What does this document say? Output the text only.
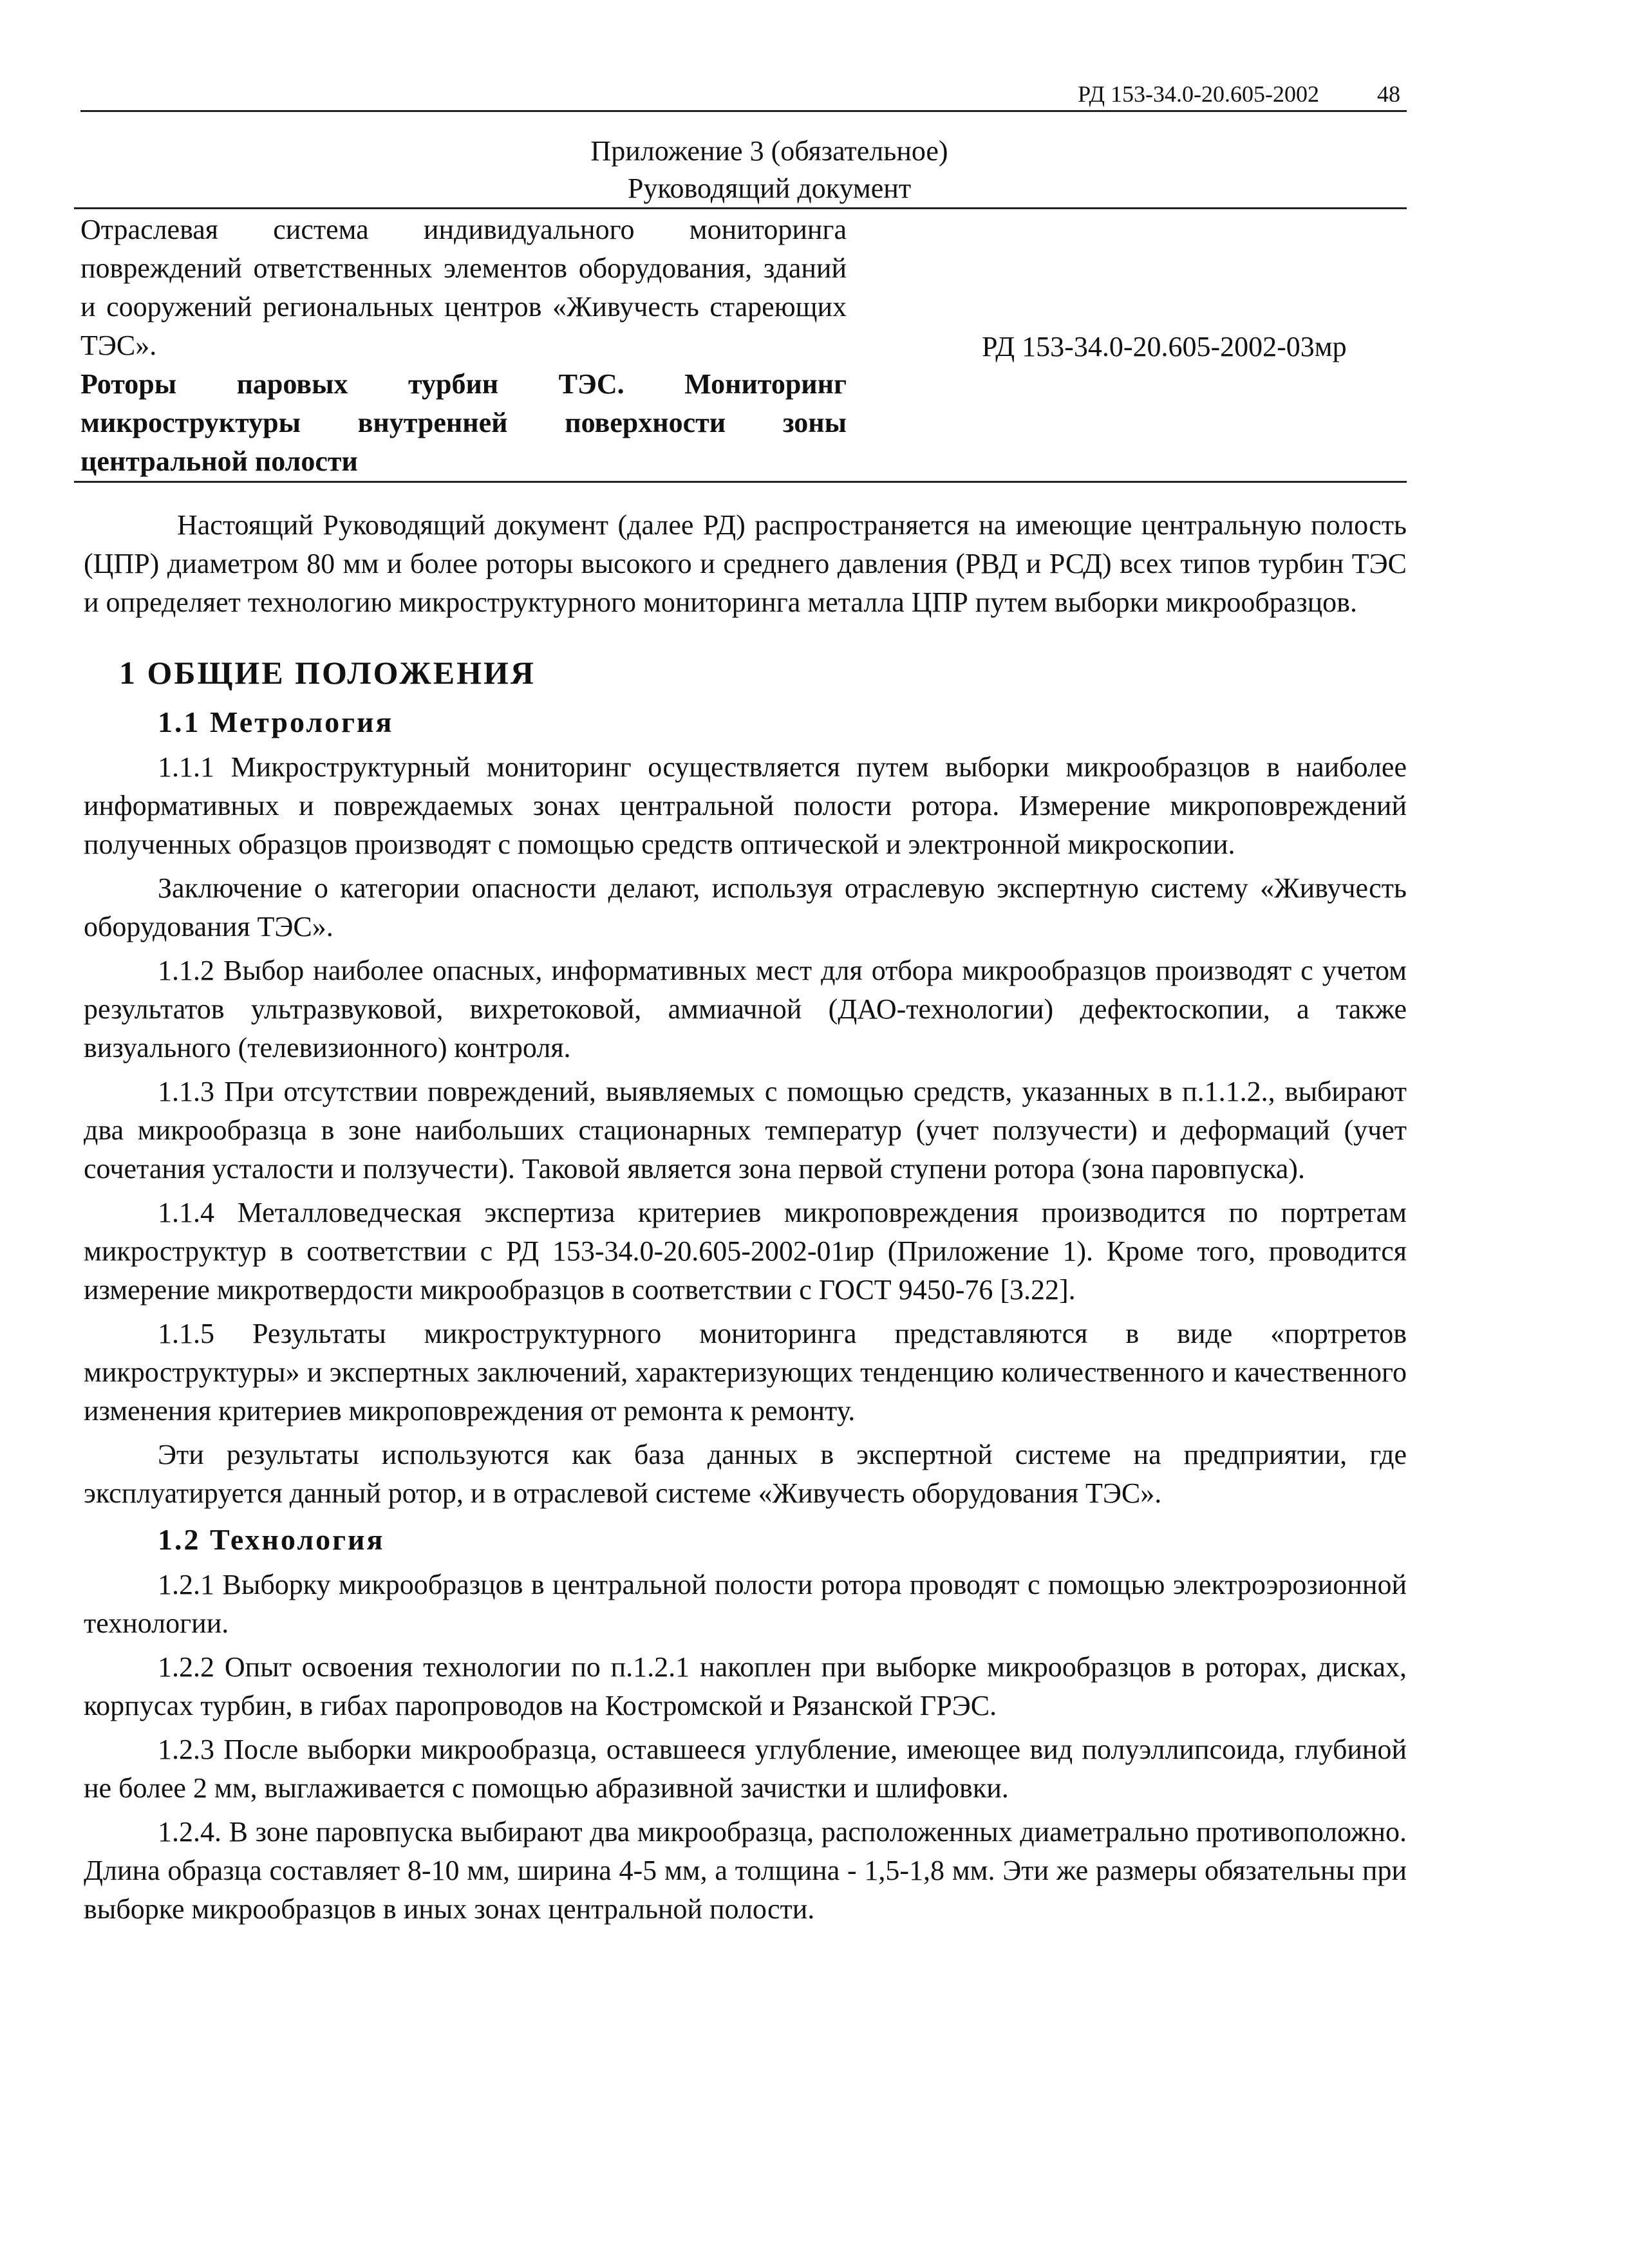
РД 153-34.0-20.605-2002	48
Приложение 3 (обязательное)
Руководящий документ
Отраслевая система индивидуального мониторинга повреждений ответственных элементов оборудования, зданий и сооружений региональных центров «Живучесть стареющих ТЭС».
Роторы паровых турбин ТЭС. Мониторинг микроструктуры внутренней поверхности зоны центральной полости
РД 153-34.0-20.605-2002-03мр

Настоящий Руководящий документ (далее РД) распространяется на имеющие центральную полость (ЦПР) диаметром 80 мм и более роторы высокого и среднего давления (РВД и РСД) всех типов турбин ТЭС и определяет технологию микроструктурного мониторинга металла ЦПР путем выборки микрообразцов.

1 ОБЩИЕ ПОЛОЖЕНИЯ
1.1 Метрология

1.1.1 Микроструктурный мониторинг осуществляется путем выборки микрообразцов в наиболее информативных и повреждаемых зонах центральной полости ротора. Измерение микроповреждений полученных образцов производят с помощью средств оптической и электронной микроскопии.

Заключение о категории опасности делают, используя отраслевую экспертную систему «Живучесть оборудования ТЭС».

1.1.2 Выбор наиболее опасных, информативных мест для отбора микрообразцов производят с учетом результатов ультразвуковой, вихретоковой, аммиачной (ДАО-технологии) дефектоскопии, а также визуального (телевизионного) контроля.

1.1.3 При отсутствии повреждений, выявляемых с помощью средств, указанных в п.1.1.2., выбирают два микрообразца в зоне наибольших стационарных температур (учет ползучести) и деформаций (учет сочетания усталости и ползучести). Таковой является зона первой ступени ротора (зона паровпуска).

1.1.4 Металловедческая экспертиза критериев микроповреждения производится по портретам микроструктур в соответствии с РД 153-34.0-20.605-2002-01ир (Приложение 1). Кроме того, проводится измерение микротвердости микрообразцов в соответствии с ГОСТ 9450-76 [3.22].

1.1.5 Результаты микроструктурного мониторинга представляются в виде «портретов микроструктуры» и экспертных заключений, характеризующих тенденцию количественного и качественного изменения критериев микроповреждения от ремонта к ремонту.

Эти результаты используются как база данных в экспертной системе на предприятии, где эксплуатируется данный ротор, и в отраслевой системе «Живучесть оборудования ТЭС».

1.2 Технология

1.2.1 Выборку микрообразцов в центральной полости ротора проводят с помощью электроэрозионной технологии.

1.2.2 Опыт освоения технологии по п.1.2.1 накоплен при выборке микрообразцов в роторах, дисках, корпусах турбин, в гибах паропроводов на Костромской и Рязанской ГРЭС.

1.2.3 После выборки микрообразца, оставшееся углубление, имеющее вид полуэллипсоида, глубиной не более 2 мм, выглаживается с помощью абразивной зачистки и шлифовки.

1.2.4. В зоне паровпуска выбирают два микрообразца, расположенных диаметрально противоположно. Длина образца составляет 8-10 мм, ширина 4-5 мм, а толщина - 1,5-1,8 мм. Эти же размеры обязательны при выборке микрообразцов в иных зонах центральной полости.
